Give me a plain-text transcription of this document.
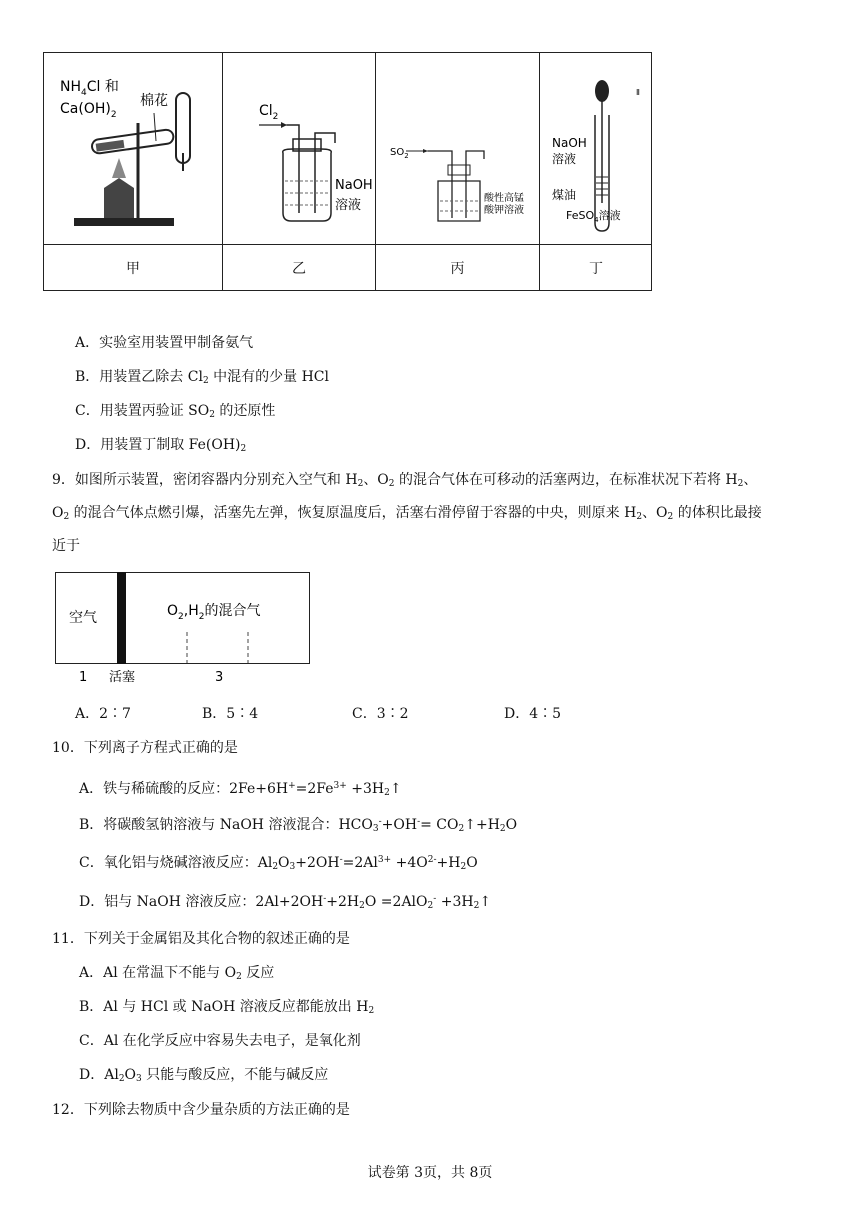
$NH_4Cl$ 和
$Ca(OH)_2$
棉花
$Cl_2$
NaOH
溶液
$SO_2$
酸性高锰
酸钾溶液
Ⅱ
NaOH
溶液
煤油
FeSO$_4$溶液
甲	乙	丙	丁
A．实验室用装置甲制备氨气
B．用装置乙除去 $Cl_2$ 中混有的少量 HCl
C．用装置丙验证 $SO_2$ 的还原性
D．用装置丁制取 $Fe(OH)_2$
9．如图所示装置，密闭容器内分别充入空气和 $H_2$、$O_2$ 的混合气体在可移动的活塞两边，在标准状况下若将 $H_2$、
$O_2$ 的混合气体点燃引爆，活塞先左弹，恢复原温度后，活塞右滑停留于容器的中央，则原来 $H_2$、$O_2$ 的体积比最接
近于
空气	$O_2,H_2$的混合气
1 活塞	3
A．2∶7	B．5∶4	C．3∶2	D．4∶5
10．下列离子方程式正确的是
A．铁与稀硫酸的反应：$2Fe+6H^+=2Fe^{3+}$ $+3H_2↑$
B．将碳酸氢钠溶液与 NaOH 溶液混合：$HCO_3^-+OH^-=$ $CO_2↑+H_2O$
C．氧化铝与烧碱溶液反应：$Al_2O_3+2OH^-=2Al^{3+} +4O^{2-}+H_2O$
D．铝与 NaOH 溶液反应：$2Al+2OH^-+2H_2O =2AlO_2^-$ $+3H_2↑$
11．下列关于金属铝及其化合物的叙述正确的是
A．Al 在常温下不能与 $O_2$ 反应
B．Al 与 HCl 或 NaOH 溶液反应都能放出 $H_2$
C．Al 在化学反应中容易失去电子，是氧化剂
D．$Al_2O_3$ 只能与酸反应，不能与碱反应
12．下列除去物质中含少量杂质的方法正确的是
试卷第 3页，共 8页
